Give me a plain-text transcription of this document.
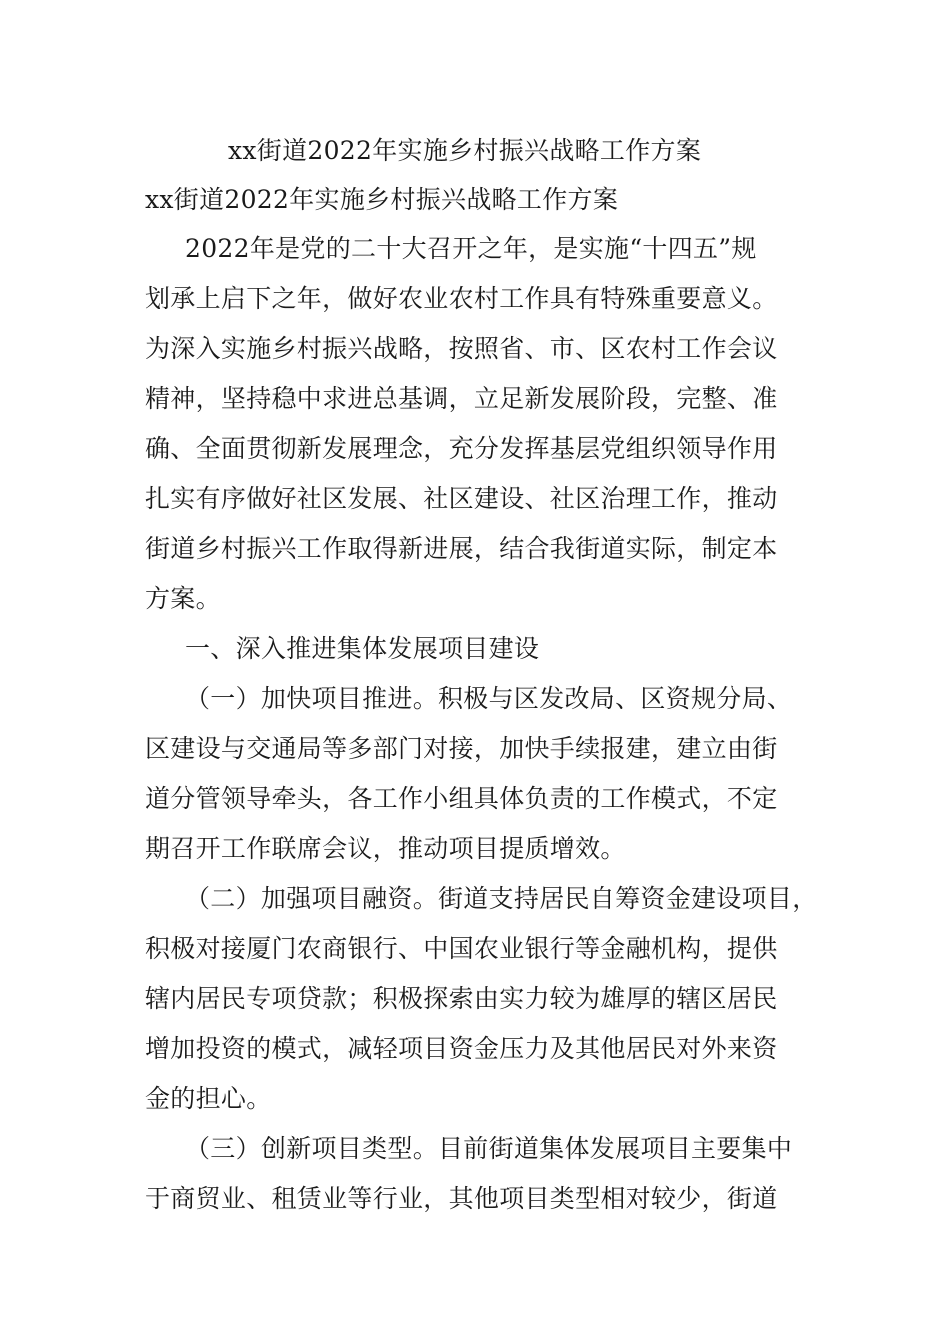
xx街道2022年实施乡村振兴战略工作方案
xx街道2022年实施乡村振兴战略工作方案
2022年是党的二十大召开之年，是实施“十四五”规
划承上启下之年，做好农业农村工作具有特殊重要意义。
为深入实施乡村振兴战略，按照省、市、区农村工作会议
精神，坚持稳中求进总基调，立足新发展阶段，完整、准
确、全面贯彻新发展理念，充分发挥基层党组织领导作用
扎实有序做好社区发展、社区建设、社区治理工作，推动
街道乡村振兴工作取得新进展，结合我街道实际，制定本
方案。
一、深入推进集体发展项目建设
（一）加快项目推进。积极与区发改局、区资规分局、
区建设与交通局等多部门对接，加快手续报建，建立由街
道分管领导牵头，各工作小组具体负责的工作模式，不定
期召开工作联席会议，推动项目提质增效。
（二）加强项目融资。街道支持居民自筹资金建设项目，
积极对接厦门农商银行、中国农业银行等金融机构，提供
辖内居民专项贷款；积极探索由实力较为雄厚的辖区居民
增加投资的模式，减轻项目资金压力及其他居民对外来资
金的担心。
（三）创新项目类型。目前街道集体发展项目主要集中
于商贸业、租赁业等行业，其他项目类型相对较少，街道
